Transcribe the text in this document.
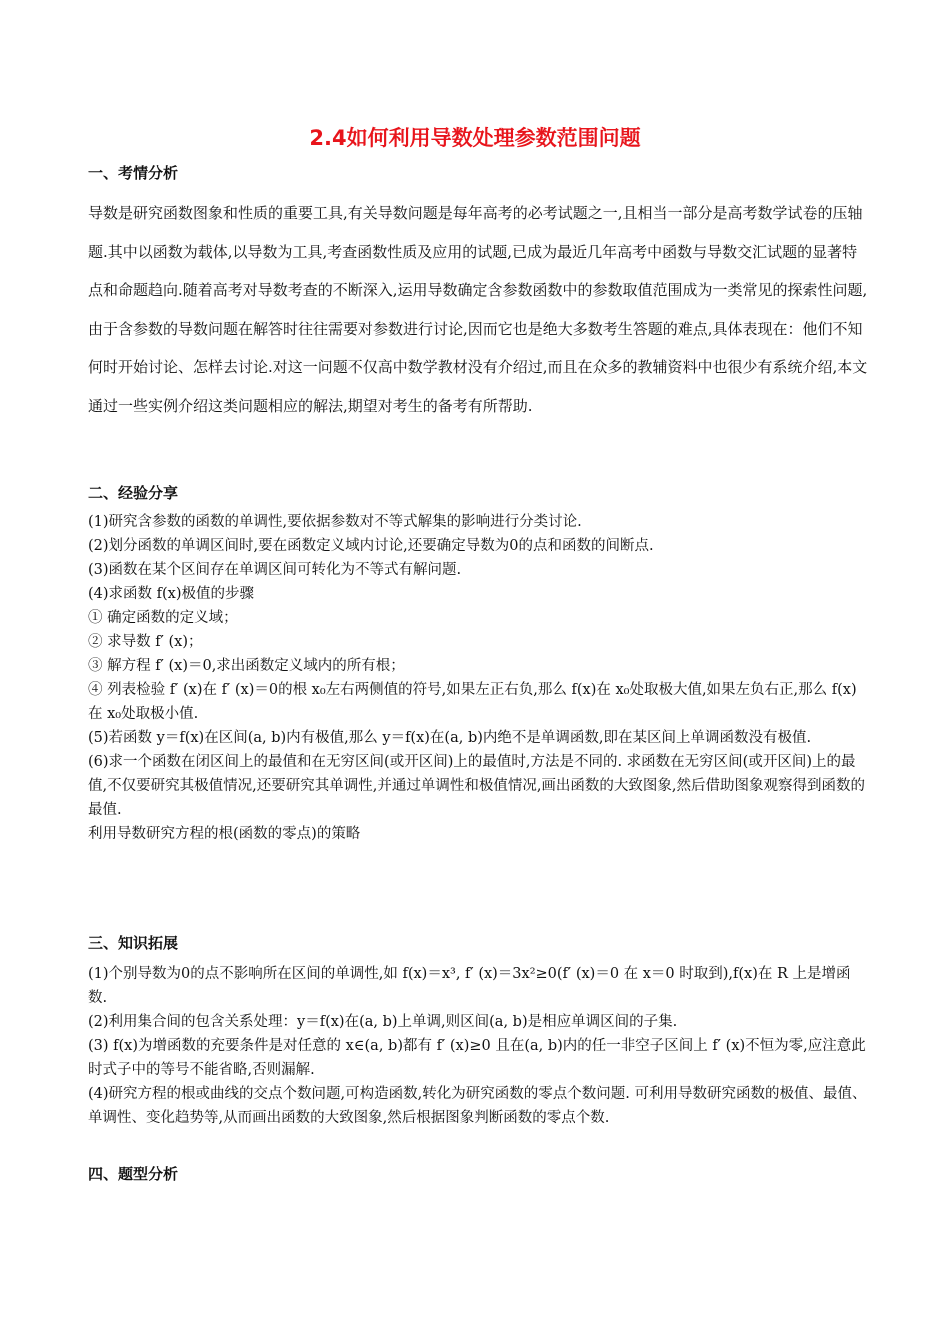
2.4如何利用导数处理参数范围问题
一、考情分析

导数是研究函数图象和性质的重要工具,有关导数问题是每年高考的必考试题之一,且相当一部分是高考数学试卷的压轴题.其中以函数为载体,以导数为工具,考查函数性质及应用的试题,已成为最近几年高考中函数与导数交汇试题的显著特点和命题趋向.随着高考对导数考查的不断深入,运用导数确定含参数函数中的参数取值范围成为一类常见的探索性问题,由于含参数的导数问题在解答时往往需要对参数进行讨论,因而它也是绝大多数考生答题的难点,具体表现在：他们不知何时开始讨论、怎样去讨论.对这一问题不仅高中数学教材没有介绍过,而且在众多的教辅资料中也很少有系统介绍,本文通过一些实例介绍这类问题相应的解法,期望对考生的备考有所帮助.

二、经验分享

(1)研究含参数的函数的单调性,要依据参数对不等式解集的影响进行分类讨论.

(2)划分函数的单调区间时,要在函数定义域内讨论,还要确定导数为0的点和函数的间断点.

(3)函数在某个区间存在单调区间可转化为不等式有解问题.

(4)求函数 f(x)极值的步骤

① 确定函数的定义域；

② 求导数 f′ (x)；

③ 解方程 f′ (x)＝0,求出函数定义域内的所有根；

④ 列表检验 f′ (x)在 f′ (x)＝0的根 x₀左右两侧值的符号,如果左正右负,那么 f(x)在 x₀处取极大值,如果左负右正,那么 f(x)在 x₀处取极小值.

(5)若函数 y＝f(x)在区间(a, b)内有极值,那么 y＝f(x)在(a, b)内绝不是单调函数,即在某区间上单调函数没有极值.

(6)求一个函数在闭区间上的最值和在无穷区间(或开区间)上的最值时,方法是不同的. 求函数在无穷区间(或开区间)上的最值,不仅要研究其极值情况,还要研究其单调性,并通过单调性和极值情况,画出函数的大致图象,然后借助图象观察得到函数的最值.

利用导数研究方程的根(函数的零点)的策略

三、知识拓展

(1)个别导数为0的点不影响所在区间的单调性,如 f(x)＝x³, f′ (x)＝3x²≥0(f′ (x)＝0 在 x＝0 时取到),f(x)在 R 上是增函数.

(2)利用集合间的包含关系处理：y＝f(x)在(a, b)上单调,则区间(a, b)是相应单调区间的子集.

(3) f(x)为增函数的充要条件是对任意的 x∈(a, b)都有 f′ (x)≥0 且在(a, b)内的任一非空子区间上 f′ (x)不恒为零,应注意此时式子中的等号不能省略,否则漏解.

(4)研究方程的根或曲线的交点个数问题,可构造函数,转化为研究函数的零点个数问题. 可利用导数研究函数的极值、最值、单调性、变化趋势等,从而画出函数的大致图象,然后根据图象判断函数的零点个数.

四、题型分析
